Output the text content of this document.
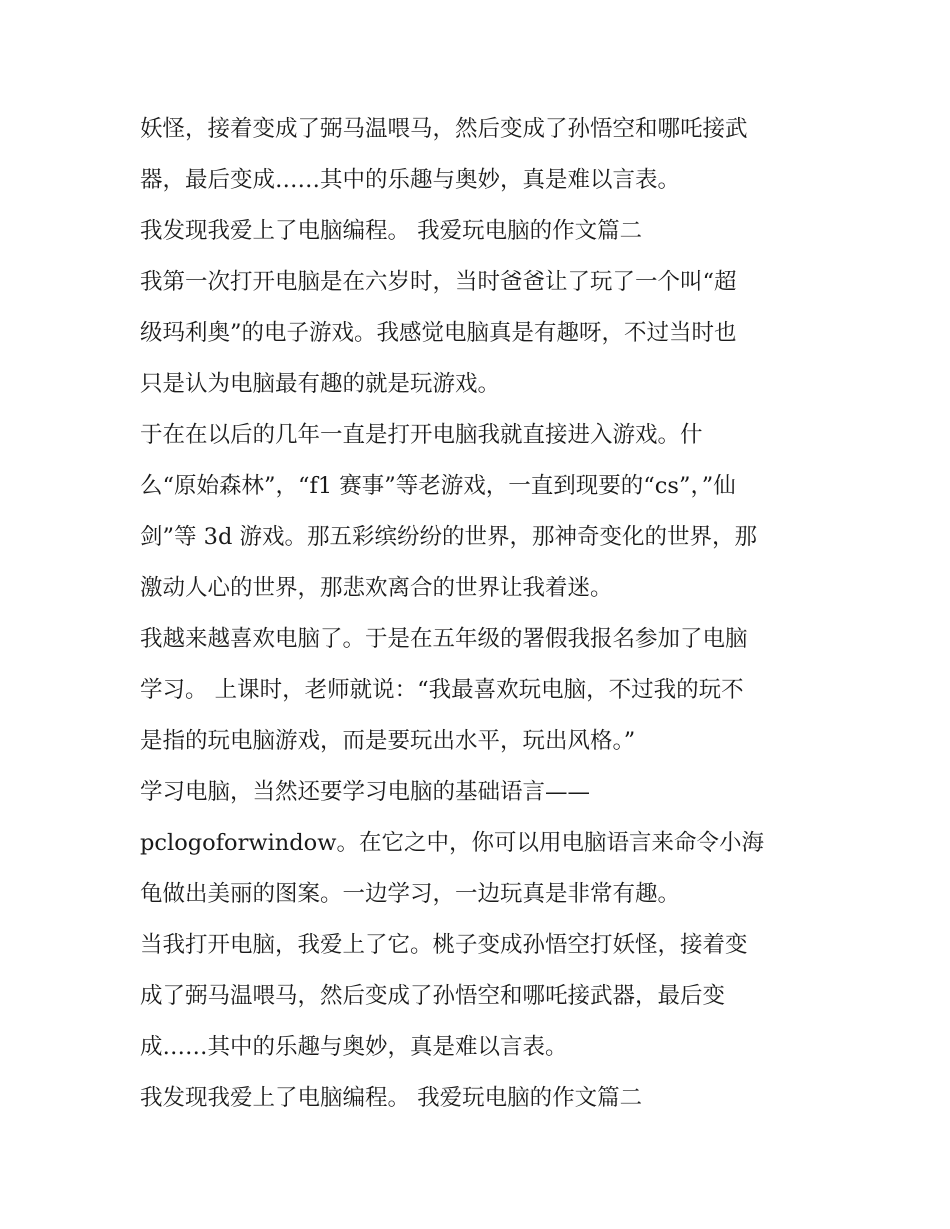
妖怪，接着变成了弼马温喂马，然后变成了孙悟空和哪吒接武
器，最后变成……其中的乐趣与奥妙，真是难以言表。
我发现我爱上了电脑编程。 我爱玩电脑的作文篇二
我第一次打开电脑是在六岁时，当时爸爸让了玩了一个叫“超
级玛利奥”的电子游戏。我感觉电脑真是有趣呀，不过当时也
只是认为电脑最有趣的就是玩游戏。
于在在以后的几年一直是打开电脑我就直接进入游戏。什
么“原始森林”，“f1 赛事”等老游戏，一直到现要的“cs”，”仙
剑”等 3d 游戏。那五彩缤纷纷的世界，那神奇变化的世界，那
激动人心的世界，那悲欢离合的世界让我着迷。
我越来越喜欢电脑了。于是在五年级的署假我报名参加了电脑
学习。 上课时，老师就说：“我最喜欢玩电脑，不过我的玩不
是指的玩电脑游戏，而是要玩出水平，玩出风格。”
学习电脑，当然还要学习电脑的基础语言——
pclogoforwindow。在它之中，你可以用电脑语言来命令小海
龟做出美丽的图案。一边学习，一边玩真是非常有趣。
当我打开电脑，我爱上了它。桃子变成孙悟空打妖怪，接着变
成了弼马温喂马，然后变成了孙悟空和哪吒接武器，最后变
成……其中的乐趣与奥妙，真是难以言表。
我发现我爱上了电脑编程。 我爱玩电脑的作文篇二
